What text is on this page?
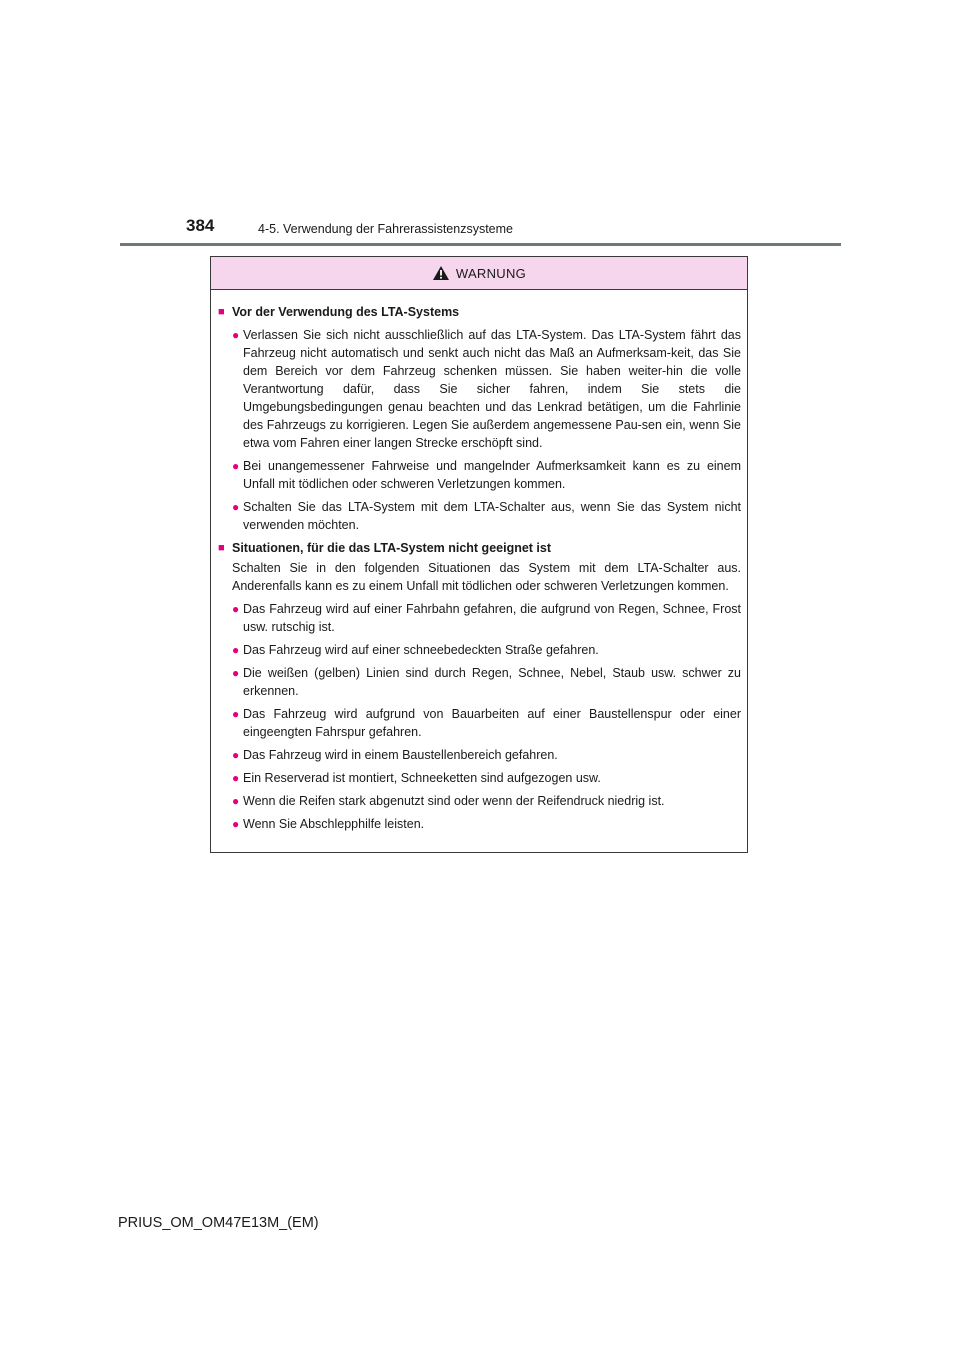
384	4-5. Verwendung der Fahrerassistenzsysteme
WARNUNG
■ Vor der Verwendung des LTA-Systems
● Verlassen Sie sich nicht ausschließlich auf das LTA-System. Das LTA-System fährt das Fahrzeug nicht automatisch und senkt auch nicht das Maß an Aufmerksam-keit, das Sie dem Bereich vor dem Fahrzeug schenken müssen. Sie haben weiter-hin die volle Verantwortung dafür, dass Sie sicher fahren, indem Sie stets die Umgebungsbedingungen genau beachten und das Lenkrad betätigen, um die Fahrlinie des Fahrzeugs zu korrigieren. Legen Sie außerdem angemessene Pau-sen ein, wenn Sie etwa vom Fahren einer langen Strecke erschöpft sind.
● Bei unangemessener Fahrweise und mangelnder Aufmerksamkeit kann es zu einem Unfall mit tödlichen oder schweren Verletzungen kommen.
● Schalten Sie das LTA-System mit dem LTA-Schalter aus, wenn Sie das System nicht verwenden möchten.
■ Situationen, für die das LTA-System nicht geeignet ist
Schalten Sie in den folgenden Situationen das System mit dem LTA-Schalter aus. Anderenfalls kann es zu einem Unfall mit tödlichen oder schweren Verletzungen kommen.
● Das Fahrzeug wird auf einer Fahrbahn gefahren, die aufgrund von Regen, Schnee, Frost usw. rutschig ist.
● Das Fahrzeug wird auf einer schneebedeckten Straße gefahren.
● Die weißen (gelben) Linien sind durch Regen, Schnee, Nebel, Staub usw. schwer zu erkennen.
● Das Fahrzeug wird aufgrund von Bauarbeiten auf einer Baustellenspur oder einer eingeengten Fahrspur gefahren.
● Das Fahrzeug wird in einem Baustellenbereich gefahren.
● Ein Reserverad ist montiert, Schneeketten sind aufgezogen usw.
● Wenn die Reifen stark abgenutzt sind oder wenn der Reifendruck niedrig ist.
● Wenn Sie Abschlepphilfe leisten.
PRIUS_OM_OM47E13M_(EM)
